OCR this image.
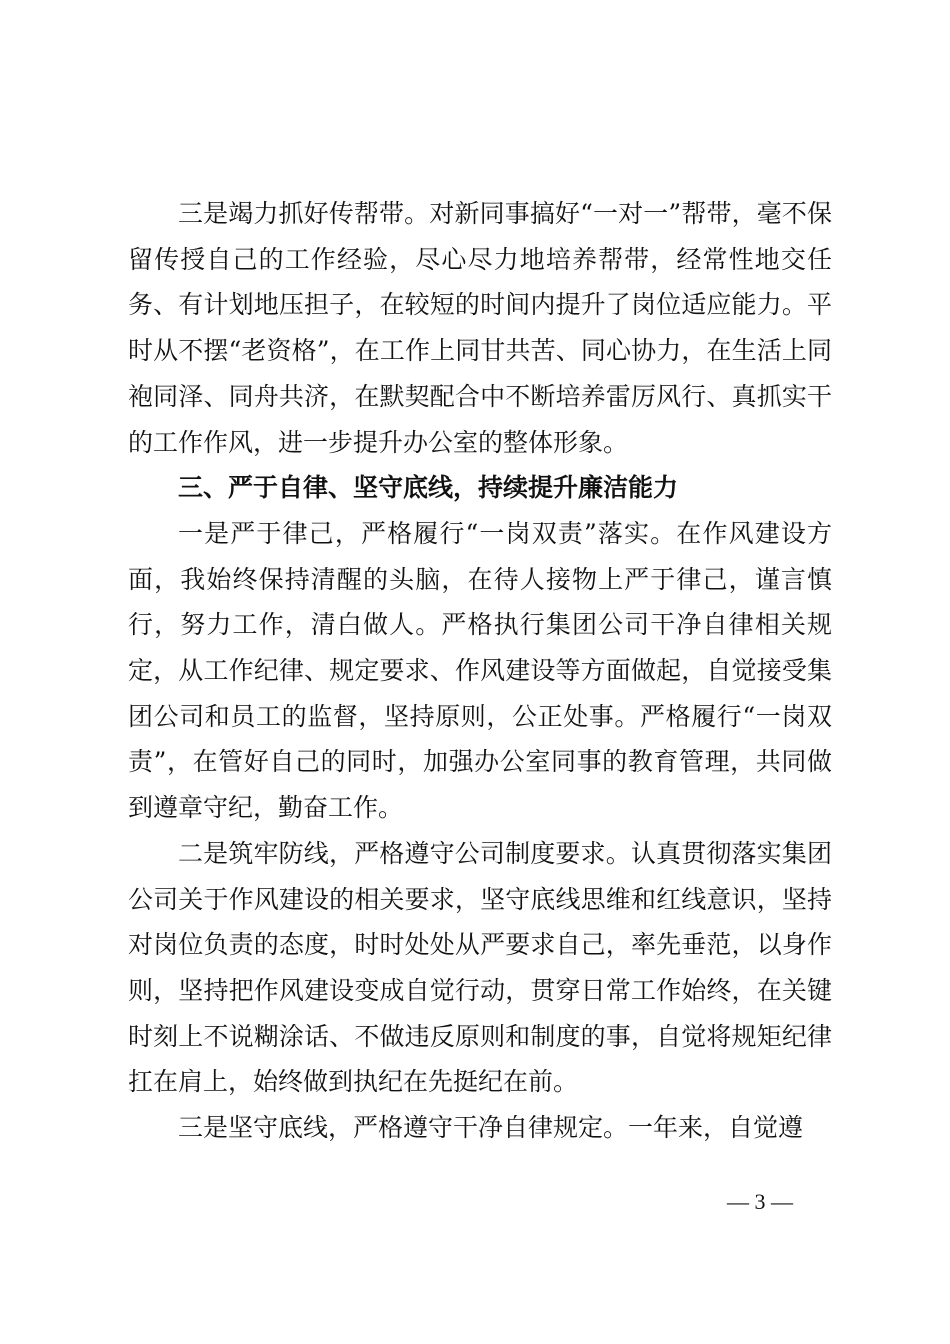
三是竭力抓好传帮带。对新同事搞好“一对一”帮带，毫不保留传授自己的工作经验，尽心尽力地培养帮带，经常性地交任务、有计划地压担子，在较短的时间内提升了岗位适应能力。平时从不摆“老资格”，在工作上同甘共苦、同心协力，在生活上同袍同泽、同舟共济，在默契配合中不断培养雷厉风行、真抓实干的工作作风，进一步提升办公室的整体形象。

三、严于自律、坚守底线，持续提升廉洁能力

一是严于律己，严格履行“一岗双责”落实。在作风建设方面，我始终保持清醒的头脑，在待人接物上严于律己，谨言慎行，努力工作，清白做人。严格执行集团公司干净自律相关规定，从工作纪律、规定要求、作风建设等方面做起，自觉接受集团公司和员工的监督，坚持原则，公正处事。严格履行“一岗双责”，在管好自己的同时，加强办公室同事的教育管理，共同做到遵章守纪，勤奋工作。

二是筑牢防线，严格遵守公司制度要求。认真贯彻落实集团公司关于作风建设的相关要求，坚守底线思维和红线意识，坚持对岗位负责的态度，时时处处从严要求自己，率先垂范，以身作则，坚持把作风建设变成自觉行动，贯穿日常工作始终，在关键时刻上不说糊涂话、不做违反原则和制度的事，自觉将规矩纪律扛在肩上，始终做到执纪在先挺纪在前。

三是坚守底线，严格遵守干净自律规定。一年来，自觉遵

— 3 —
